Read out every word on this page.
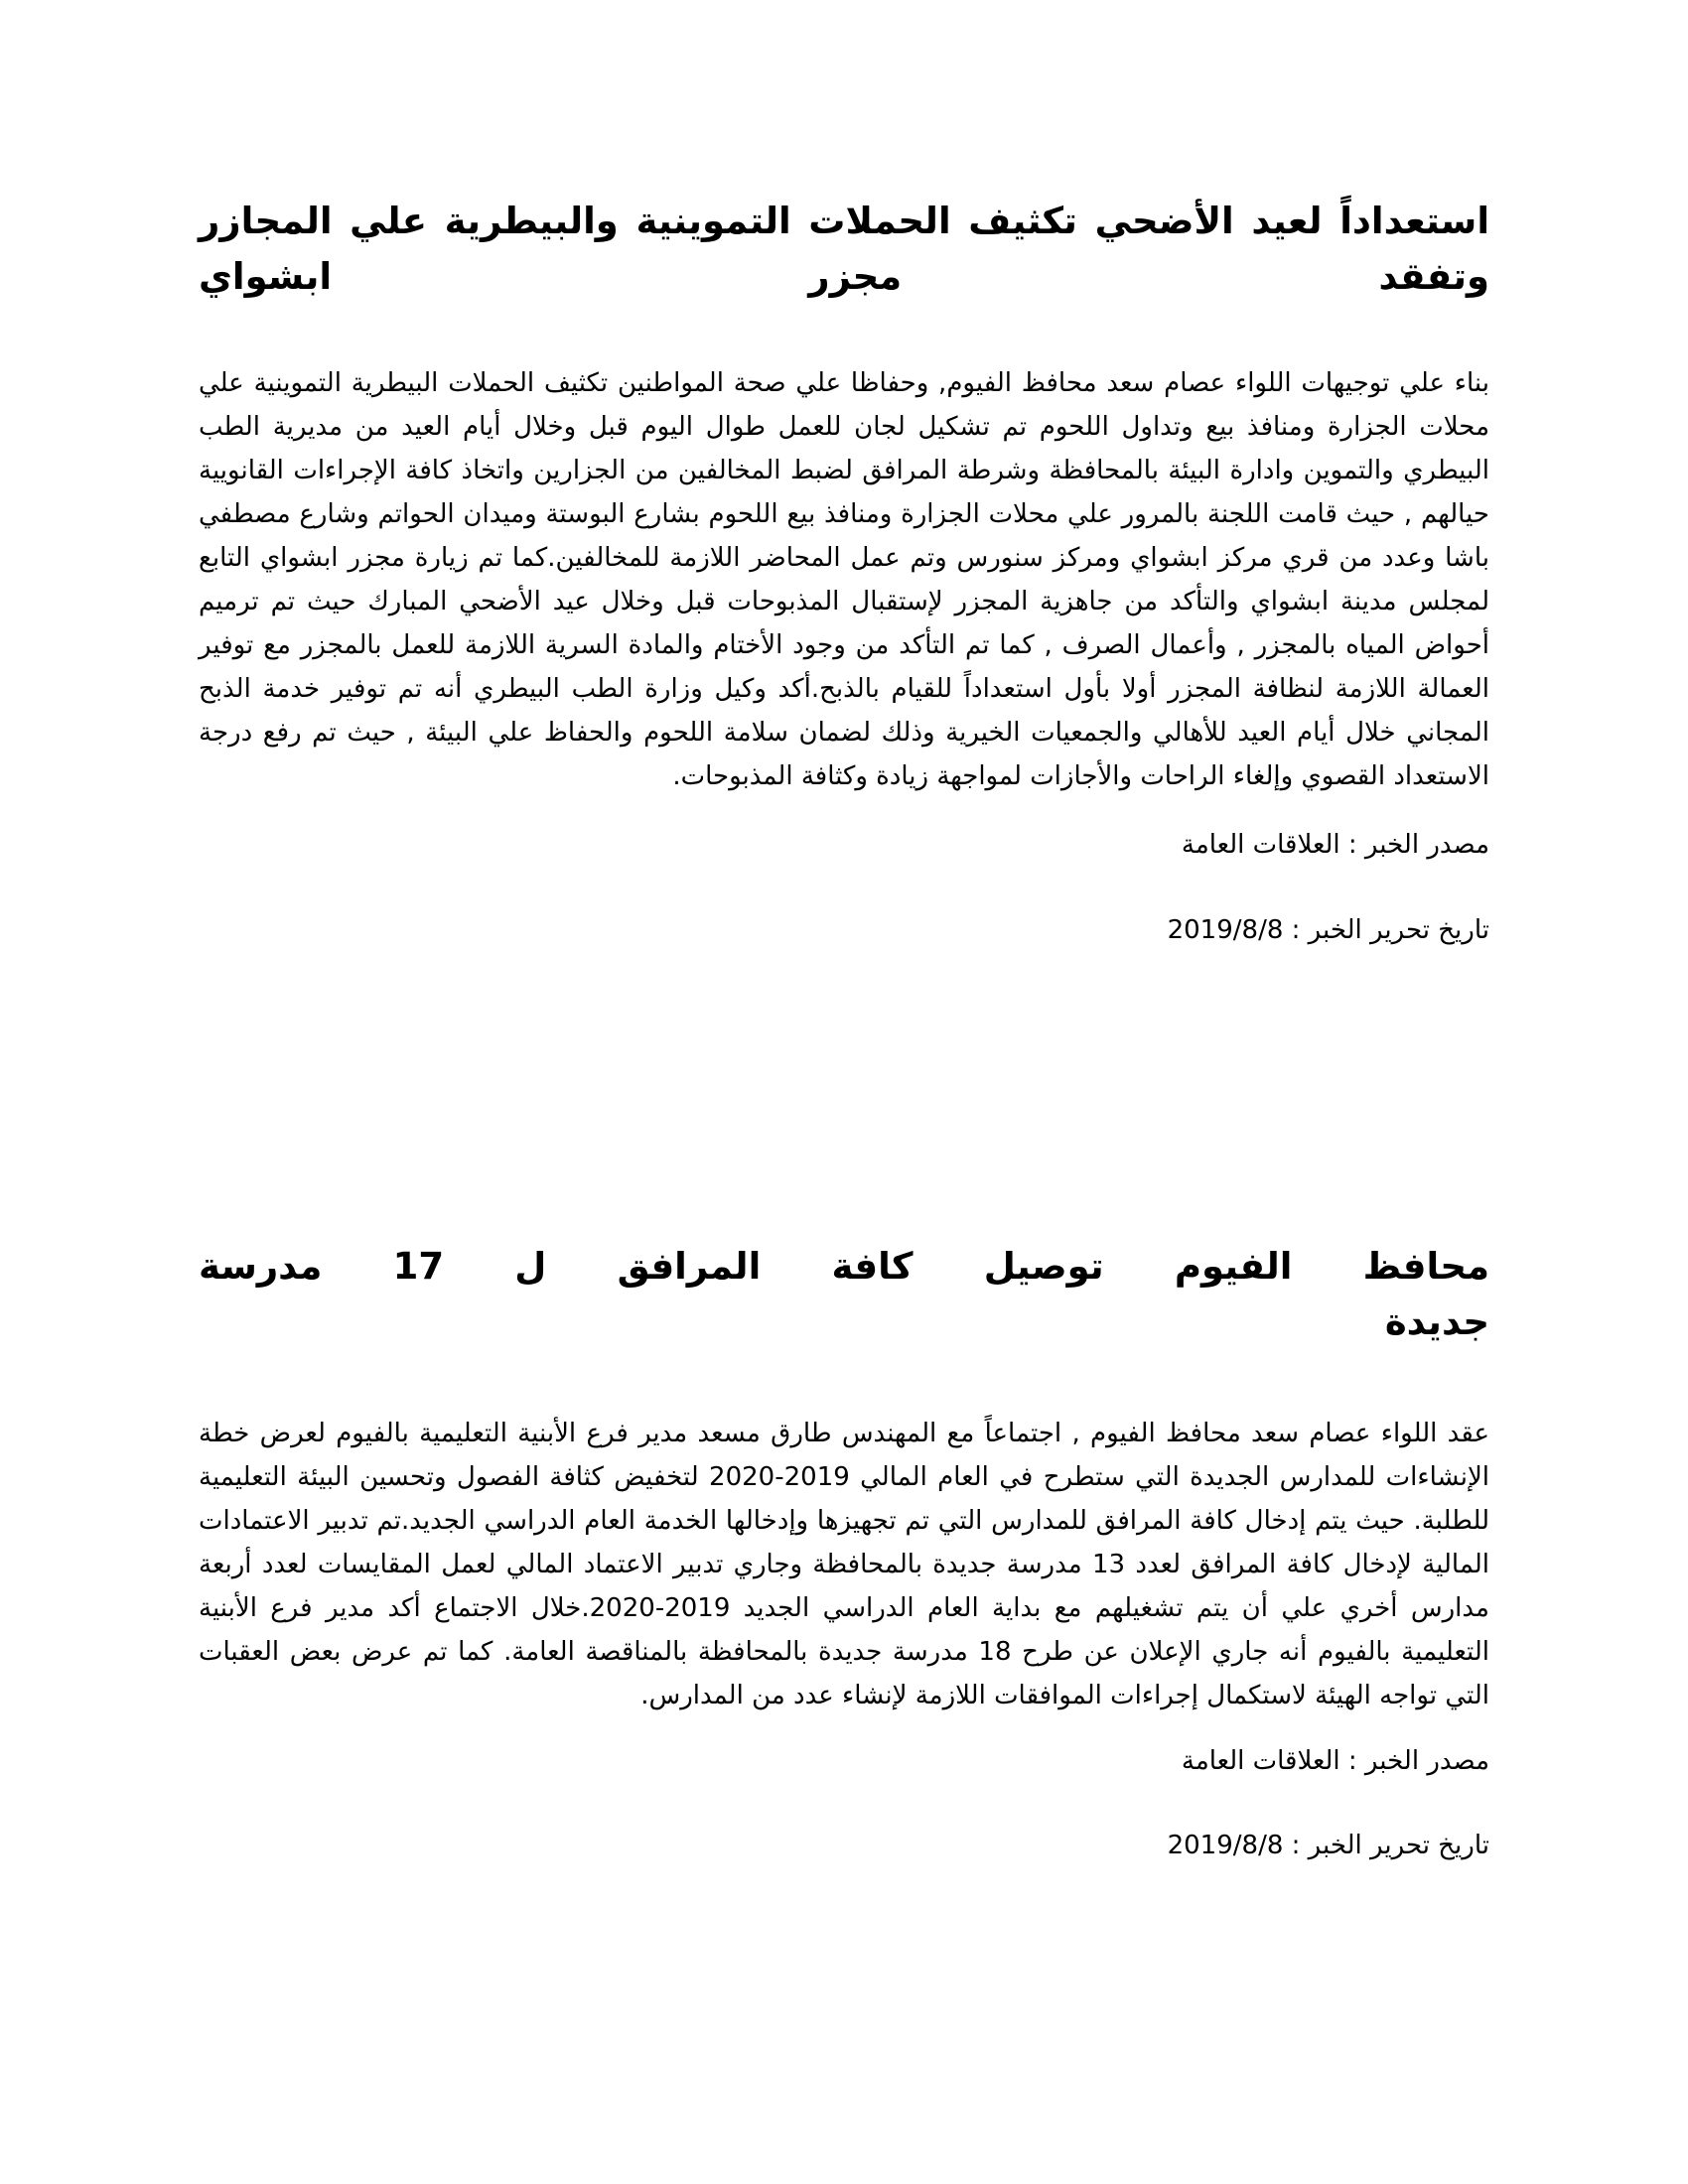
استعداداً لعيد الأضحي تكثيف الحملات التموينية والبيطرية علي المجازر وتفقد مجزر ابشواي

بناء علي توجيهات اللواء عصام سعد محافظ الفيوم, وحفاظا علي صحة المواطنين تكثيف الحملات البيطرية التموينية علي محلات الجزارة ومنافذ بيع وتداول اللحوم تم تشكيل لجان للعمل طوال اليوم قبل وخلال أيام العيد من مديرية الطب البيطري والتموين وادارة البيئة بالمحافظة وشرطة المرافق لضبط المخالفين من الجزارين واتخاذ كافة الإجراءات القانويية حيالهم , حيث قامت اللجنة بالمرور علي محلات الجزارة ومنافذ بيع اللحوم بشارع البوستة وميدان الحواتم وشارع مصطفي باشا وعدد من قري مركز ابشواي ومركز سنورس وتم عمل المحاضر اللازمة للمخالفين.كما تم زيارة مجزر ابشواي التابع لمجلس مدينة ابشواي والتأكد من جاهزية المجزر لإستقبال المذبوحات قبل وخلال عيد الأضحي المبارك حيث تم ترميم أحواض المياه بالمجزر , وأعمال الصرف , كما تم التأكد من وجود الأختام والمادة السرية اللازمة للعمل بالمجزر مع توفير العمالة اللازمة لنظافة المجزر أولا بأول استعداداً للقيام بالذبح.أكد وكيل وزارة الطب البيطري أنه تم توفير خدمة الذبح المجاني خلال أيام العيد للأهالي والجمعيات الخيرية وذلك لضمان سلامة اللحوم والحفاظ علي البيئة , حيث تم رفع درجة الاستعداد القصوي وإلغاء الراحات والأجازات لمواجهة زيادة وكثافة المذبوحات.

مصدر الخبر : العلاقات العامة

تاريخ تحرير الخبر : 2019/8/8

محافظ الفيوم توصيل كافة المرافق ل 17 مدرسة جديدة

عقد اللواء عصام سعد محافظ الفيوم , اجتماعاً مع المهندس طارق مسعد مدير فرع الأبنية التعليمية بالفيوم لعرض خطة الإنشاءات للمدارس الجديدة التي ستطرح في العام المالي 2019-2020 لتخفيض كثافة الفصول وتحسين البيئة التعليمية للطلبة. حيث يتم إدخال كافة المرافق للمدارس التي تم تجهيزها وإدخالها الخدمة العام الدراسي الجديد.تم تدبير الاعتمادات المالية لإدخال كافة المرافق لعدد 13 مدرسة جديدة بالمحافظة وجاري تدبير الاعتماد المالي لعمل المقايسات لعدد أربعة مدارس أخري علي أن يتم تشغيلهم مع بداية العام الدراسي الجديد 2019-2020.خلال الاجتماع أكد مدير فرع الأبنية التعليمية بالفيوم أنه جاري الإعلان عن طرح 18 مدرسة جديدة بالمحافظة بالمناقصة العامة. كما تم عرض بعض العقبات التي تواجه الهيئة لاستكمال إجراءات الموافقات اللازمة لإنشاء عدد من المدارس.

مصدر الخبر : العلاقات العامة

تاريخ تحرير الخبر : 2019/8/8
